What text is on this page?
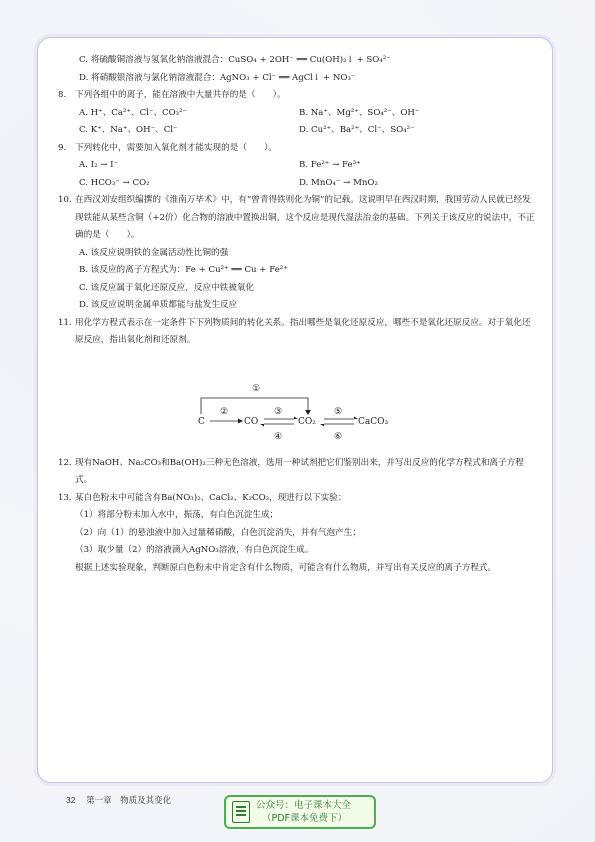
C. 将硫酸铜溶液与氢氧化钠溶液混合：CuSO₄ + 2OH⁻ ══ Cu(OH)₂↓ + SO₄²⁻
D. 将硝酸银溶液与氯化钠溶液混合：AgNO₃ + Cl⁻ ══ AgCl↓ + NO₃⁻
8. 下列各组中的离子，能在溶液中大量共存的是（　　）。
A. H⁺、Ca²⁺、Cl⁻、CO₃²⁻	B. Na⁺、Mg²⁺、SO₄²⁻、OH⁻
C. K⁺、Na⁺、OH⁻、Cl⁻	D. Cu²⁺、Ba²⁺、Cl⁻、SO₄²⁻
9. 下列转化中，需要加入氧化剂才能实现的是（　　）。
A. I₂ → I⁻	B. Fe²⁺ → Fe³⁺
C. HCO₃⁻ → CO₂	D. MnO₄⁻ → MnO₂
10. 在西汉刘安组织编撰的《淮南万毕术》中，有“曾青得铁则化为铜”的记载。这说明早在西汉时期，我国劳动人民就已经发现铁能从某些含铜（+2价）化合物的溶液中置换出铜，这个反应是现代湿法冶金的基础。下列关于该反应的说法中，不正确的是（　　）。
A. 该反应说明铁的金属活动性比铜的强
B. 该反应的离子方程式为：Fe + Cu²⁺ ══ Cu + Fe²⁺
C. 该反应属于氧化还原反应，反应中铁被氧化
D. 该反应说明金属单质都能与盐发生反应
11. 用化学方程式表示在一定条件下下列物质间的转化关系。指出哪些是氧化还原反应，哪些不是氧化还原反应。对于氧化还原反应，指出氧化剂和还原剂。
C	CO	CO₂	CaCO₃
①
②	③
④
⑤
⑥
12. 现有NaOH、Na₂CO₃和Ba(OH)₂三种无色溶液，选用一种试剂把它们鉴别出来，并写出反应的化学方程式和离子方程式。
13. 某白色粉末中可能含有Ba(NO₃)₂、CaCl₂、K₂CO₃，现进行以下实验：
（1）将部分粉末加入水中，振荡，有白色沉淀生成；
（2）向（1）的悬浊液中加入过量稀硝酸，白色沉淀消失，并有气泡产生；
（3）取少量（2）的溶液滴入AgNO₃溶液，有白色沉淀生成。
根据上述实验现象，判断原白色粉末中肯定含有什么物质，可能含有什么物质，并写出有关反应的离子方程式。
32 第一章　物质及其变化	公众号：电子课本大全
（PDF课本免费下）
